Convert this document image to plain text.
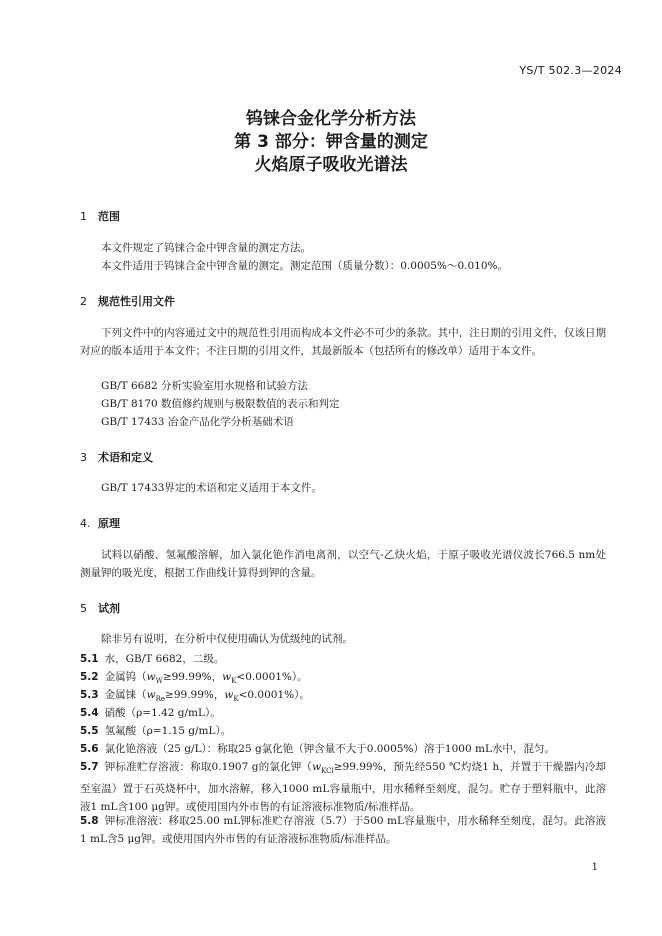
YS/T 502.3—2024
钨铼合金化学分析方法
第 3 部分：钾含量的测定
火焰原子吸收光谱法
1 范围
本文件规定了钨铼合金中钾含量的测定方法。
本文件适用于钨铼合金中钾含量的测定。测定范围（质量分数）：0.0005%～0.010%。
2 规范性引用文件
下列文件中的内容通过文中的规范性引用而构成本文件必不可少的条款。其中，注日期的引用文件，仅该日期对应的版本适用于本文件；不注日期的引用文件，其最新版本（包括所有的修改单）适用于本文件。
GB/T 6682 分析实验室用水规格和试验方法
GB/T 8170 数值修约规则与极限数值的表示和判定
GB/T 17433 冶金产品化学分析基础术语
3 术语和定义
GB/T 17433界定的术语和定义适用于本文件。
4. 原理
试料以硝酸、氢氟酸溶解，加入氯化铯作消电离剂，以空气-乙炔火焰，于原子吸收光谱仪波长766.5 nm处测量钾的吸光度，根据工作曲线计算得到钾的含量。
5 试剂
除非另有说明，在分析中仅使用确认为优级纯的试剂。
5.1 水，GB/T 6682，二级。
5.2 金属钨（$w_W\ge 99.99\%$，$w_K<0.0001\%$）。
5.3 金属铼（$w_{Re}\ge 99.99\%$，$w_K<0.0001\%$）。
5.4 硝酸（ρ=1.42 g/mL）。
5.5 氢氟酸（ρ=1.15 g/mL）。
5.6 氯化铯溶液（25 g/L）：称取25 g氯化铯（钾含量不大于0.0005%）溶于1000 mL水中，混匀。
5.7 钾标准贮存溶液：称取0.1907 g的氯化钾（$w_{KCl}\ge 99.99\%$，预先经550 ℃灼烧1 h，并置于干燥器内冷却至室温）置于石英烧杯中，加水溶解，移入1000 mL容量瓶中，用水稀释至刻度，混匀。贮存于塑料瓶中，此溶液1 mL含100 μg钾。或使用国内外市售的有证溶液标准物质/标准样品。
5.8 钾标准溶液：移取25.00 mL钾标准贮存溶液（5.7）于500 mL容量瓶中，用水稀释至刻度，混匀。此溶液1 mL含5 μg钾。或使用国内外市售的有证溶液标准物质/标准样品。
1
